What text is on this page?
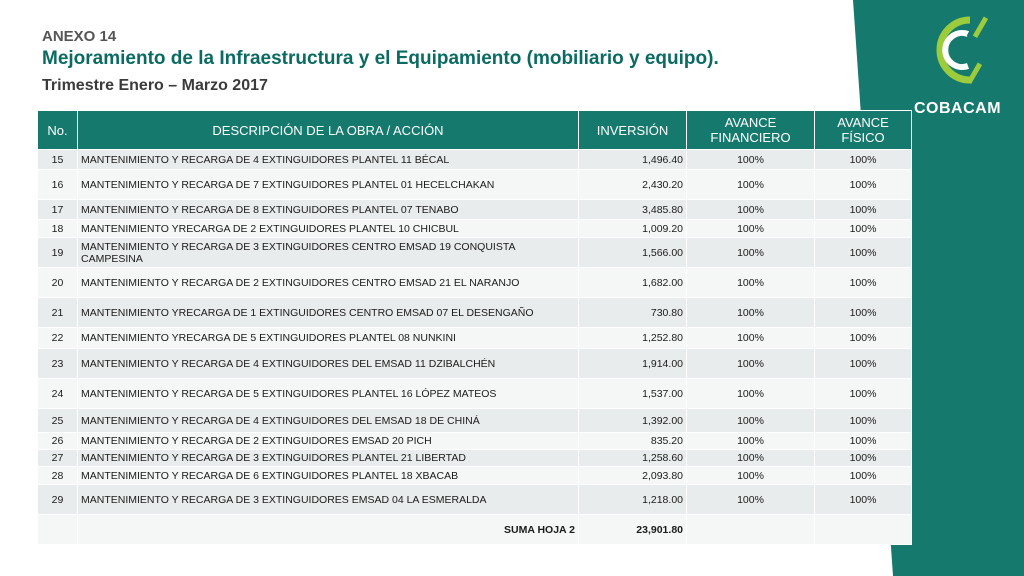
COBACAM
ANEXO 14
Mejoramiento de la Infraestructura y el Equipamiento (mobiliario y equipo).
Trimestre Enero – Marzo 2017
No.	DESCRIPCIÓN DE LA OBRA / ACCIÓN	INVERSIÓN	AVANCE FINANCIERO	AVANCE FÍSICO
15	MANTENIMIENTO Y RECARGA DE 4 EXTINGUIDORES PLANTEL 11 BÉCAL	1,496.40	100%	100%
16	MANTENIMIENTO Y RECARGA DE 7 EXTINGUIDORES PLANTEL 01 HECELCHAKAN	2,430.20	100%	100%
17	MANTENIMIENTO Y RECARGA DE 8 EXTINGUIDORES PLANTEL 07 TENABO	3,485.80	100%	100%
18	MANTENIMIENTO YRECARGA DE 2 EXTINGUIDORES PLANTEL 10 CHICBUL	1,009.20	100%	100%
19	MANTENIMIENTO Y RECARGA DE 3 EXTINGUIDORES CENTRO EMSAD 19 CONQUISTA CAMPESINA	1,566.00	100%	100%
20	MANTENIMIENTO Y RECARGA DE 2 EXTINGUIDORES CENTRO EMSAD 21 EL NARANJO	1,682.00	100%	100%
21	MANTENIMIENTO YRECARGA DE 1 EXTINGUIDORES CENTRO EMSAD 07 EL DESENGAÑO	730.80	100%	100%
22	MANTENIMIENTO YRECARGA DE 5 EXTINGUIDORES PLANTEL 08 NUNKINI	1,252.80	100%	100%
23	MANTENIMIENTO Y RECARGA DE 4 EXTINGUIDORES DEL EMSAD 11 DZIBALCHÉN	1,914.00	100%	100%
24	MANTENIMIENTO Y RECARGA DE 5 EXTINGUIDORES PLANTEL 16 LÓPEZ MATEOS	1,537.00	100%	100%
25	MANTENIMIENTO Y RECARGA DE 4 EXTINGUIDORES DEL EMSAD 18 DE CHINÁ	1,392.00	100%	100%
26	MANTENIMIENTO Y RECARGA DE 2 EXTINGUIDORES EMSAD 20 PICH	835.20	100%	100%
27	MANTENIMIENTO Y RECARGA DE 3 EXTINGUIDORES PLANTEL 21 LIBERTAD	1,258.60	100%	100%
28	MANTENIMIENTO Y RECARGA DE 6 EXTINGUIDORES PLANTEL 18 XBACAB	2,093.80	100%	100%
29	MANTENIMIENTO Y RECARGA DE 3 EXTINGUIDORES EMSAD 04 LA ESMERALDA	1,218.00	100%	100%
	SUMA HOJA 2	23,901.80		
